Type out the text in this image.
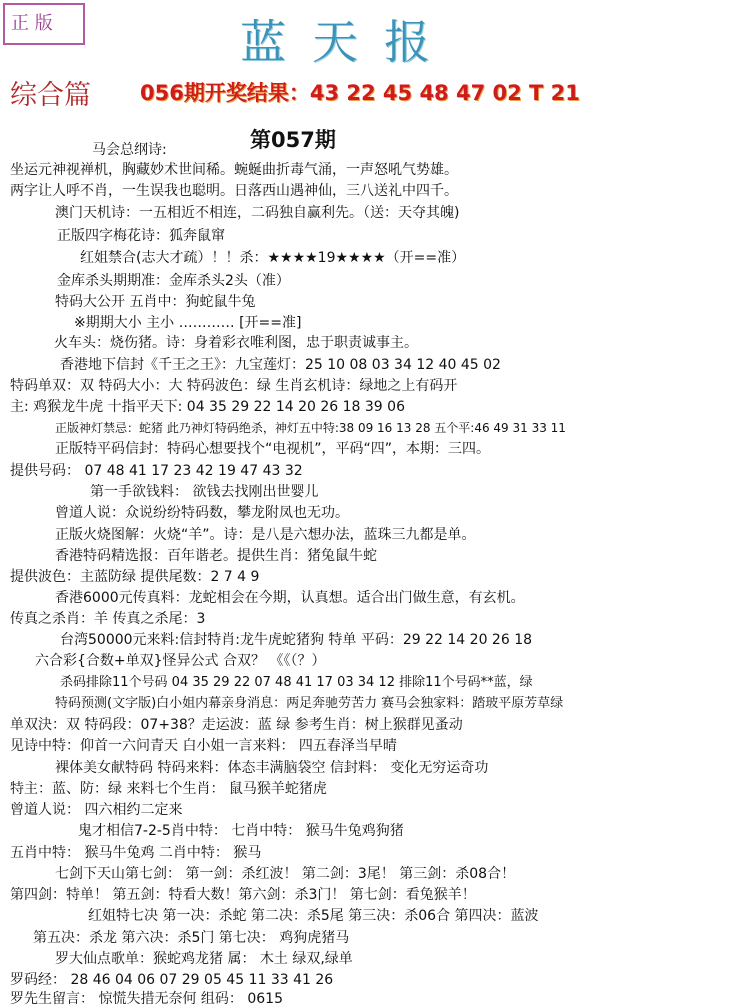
正 版	蓝天报
综合篇 056期开奖结果：43 22 45 48 47 02 T 21
第057期
马会总纲诗:
坐运元神视禅机，胸藏妙术世间稀。蜿蜒曲折毒气涌，一声怒吼气势雄。
两字让人呼不肖，一生误我也聪明。日落西山遇神仙，三八送礼中四千。
澳门天机诗：一五相近不相连，二码独自赢利先。（送：天夺其魄)
正版四字梅花诗：狐奔鼠窜
红姐禁合(志大才疏）！！杀：★★★★19★★★★（开==准）
金库杀头期期准：金库杀头2头（准）
特码大公开 五肖中：狗蛇鼠牛兔
※期期大小 主小 ………… [开==准]
火车头：烧伤猪。诗：身着彩衣唯利图，忠于职责诚事主。
香港地下信封《千王之王》：九宝莲灯：25 10 08 03 34 12 40 45 02
特码单双：双 特码大小：大 特码波色：绿 生肖玄机诗：绿地之上有码开
主: 鸡猴龙牛虎 十指平天下: 04 35 29 22 14 20 26 18 39 06
正版神灯禁忌：蛇猪 此乃神灯特码绝杀，神灯五中特:38 09 16 13 28 五个平:46 49 31 33 11
正版特平码信封：特码心想要找个“电视机”，平码“四”，本期：三四。
提供号码： 07 48 41 17 23 42 19 47 43 32
第一手欲钱料： 欲钱去找刚出世婴儿
曾道人说：众说纷纷特码数，攀龙附凤也无功。
正版火烧图解：火烧“羊”。诗：是八是六想办法，蓝珠三九都是单。
香港特码精选报：百年谐老。提供生肖：猪兔鼠牛蛇
提供波色：主蓝防绿 提供尾数：2 7 4 9
香港6000元传真料：龙蛇相会在今期，认真想。适合出门做生意，有玄机。
传真之杀肖：羊 传真之杀尾：3
台湾50000元来料:信封特肖:龙牛虎蛇猪狗 特单 平码：29 22 14 20 26 18
六合彩{合数+单双}怪异公式 合双？ 《《（？）
杀码排除11个号码 04 35 29 22 07 48 41 17 03 34 12 排除11个号码**蓝，绿
特码预测(文字版)白小姐内幕亲身消息：两足奔驰劳苦力 赛马会独家料：踏玻平原芳草绿
单双決：双 特码段：07+38？走运波：蓝 绿 参考生肖：树上猴群见蚤动
见诗中特：仰首一六问青天 白小姐一言来料： 四五春泽当早晴
裸体美女献特码 特码来料：体态丰满脑袋空 信封料： 变化无穷运奇功
特主：蓝、防：绿 来料七个生肖： 鼠马猴羊蛇猪虎
曾道人说： 四六相约二定来
鬼才相信7-2-5肖中特： 七肖中特： 猴马牛兔鸡狗猪
五肖中特： 猴马牛兔鸡 二肖中特： 猴马
七剑下天山第七剑： 第一剑：杀红波！ 第二剑：3尾！ 第三剑：杀08合！
第四剑：特单！ 第五剑：特看大数！第六剑：杀3门！ 第七剑：看兔猴羊！
红姐特七决 第一决：杀蛇 第二决：杀5尾 第三决：杀06合 第四决：蓝波
第五决：杀龙 第六决：杀5门 第七决： 鸡狗虎猪马
罗大仙点歌单：猴蛇鸡龙猪 属： 木土 绿双,绿单
罗码经： 28 46 04 06 07 29 05 45 11 33 41 26
罗先生留言： 惊慌失措无奈何 组码： 0615
